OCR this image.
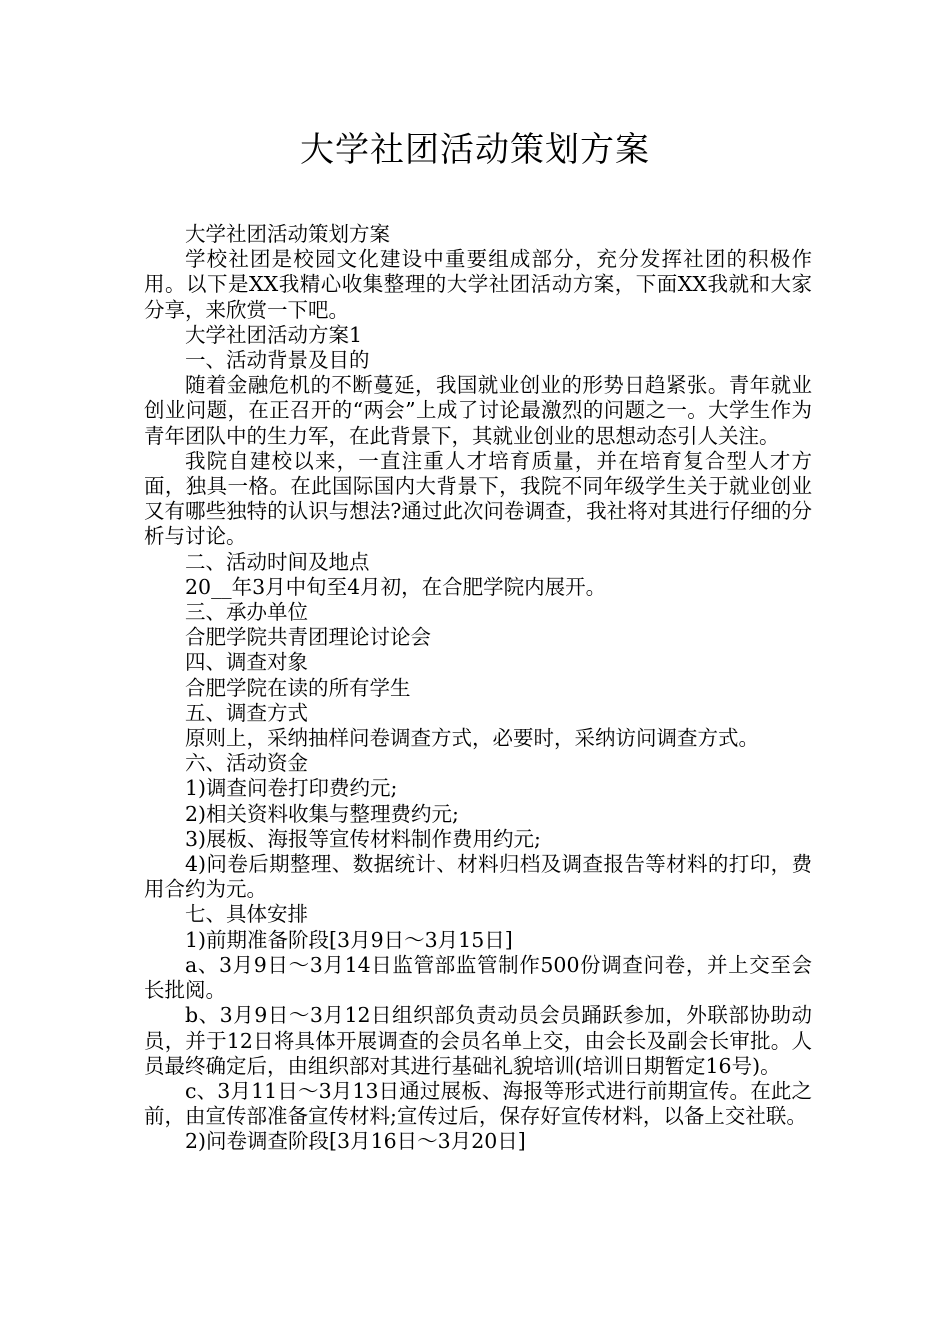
大学社团活动策划方案

大学社团活动策划方案

学校社团是校园文化建设中重要组成部分，充分发挥社团的积极作用。以下是XX我精心收集整理的大学社团活动方案，下面XX我就和大家分享，来欣赏一下吧。

大学社团活动方案1

一、活动背景及目的

随着金融危机的不断蔓延，我国就业创业的形势日趋紧张。青年就业创业问题，在正召开的“两会”上成了讨论最激烈的问题之一。大学生作为青年团队中的生力军，在此背景下，其就业创业的思想动态引人关注。

我院自建校以来，一直注重人才培育质量，并在培育复合型人才方面，独具一格。在此国际国内大背景下，我院不同年级学生关于就业创业又有哪些独特的认识与想法?通过此次问卷调查，我社将对其进行仔细的分析与讨论。

二、活动时间及地点

20__年3月中旬至4月初，在合肥学院内展开。

三、承办单位

合肥学院共青团理论讨论会

四、调查对象

合肥学院在读的所有学生

五、调查方式

原则上，采纳抽样问卷调查方式，必要时，采纳访问调查方式。

六、活动资金

1)调查问卷打印费约元;

2)相关资料收集与整理费约元;

3)展板、海报等宣传材料制作费用约元;

4)问卷后期整理、数据统计、材料归档及调查报告等材料的打印，费用合约为元。

七、具体安排

1)前期准备阶段[3月9日～3月15日]

a、3月9日～3月14日监管部监管制作500份调查问卷，并上交至会长批阅。

b、3月9日～3月12日组织部负责动员会员踊跃参加，外联部协助动员，并于12日将具体开展调查的会员名单上交，由会长及副会长审批。人员最终确定后，由组织部对其进行基础礼貌培训(培训日期暂定16号)。

c、3月11日～3月13日通过展板、海报等形式进行前期宣传。在此之前，由宣传部准备宣传材料;宣传过后，保存好宣传材料，以备上交社联。

2)问卷调查阶段[3月16日～3月20日]
